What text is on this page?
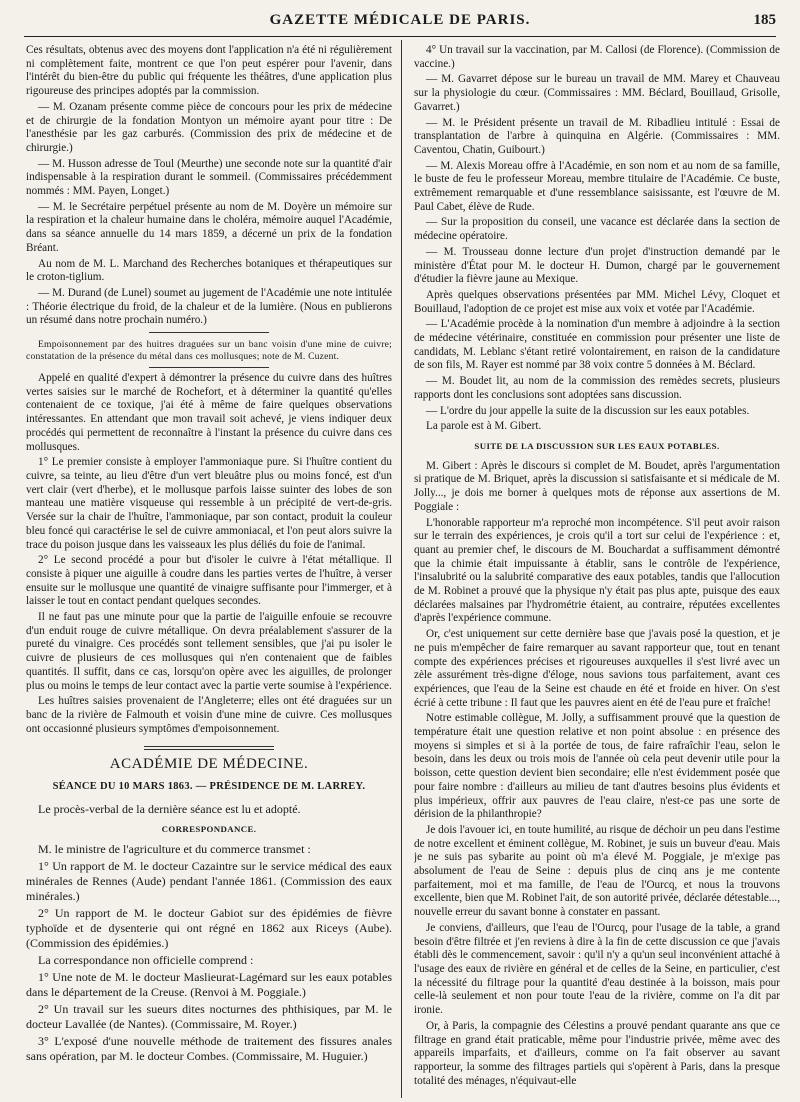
GAZETTE MÉDICALE DE PARIS.	185

Ces résultats, obtenus avec des moyens dont l'application n'a été ni régulièrement ni complètement faite, montrent ce que l'on peut espérer pour l'avenir, dans l'intérêt du bien-être du public qui fréquente les théâtres, d'une application plus rigoureuse des principes adoptés par la commission.

— M. Ozanam présente comme pièce de concours pour les prix de médecine et de chirurgie de la fondation Montyon un mémoire ayant pour titre : De l'anesthésie par les gaz carburés. (Commission des prix de médecine et de chirurgie.)

— M. Husson adresse de Toul (Meurthe) une seconde note sur la quantité d'air indispensable à la respiration durant le sommeil. (Commissaires précédemment nommés : MM. Payen, Longet.)

— M. le Secrétaire perpétuel présente au nom de M. Doyère un mémoire sur la respiration et la chaleur humaine dans le choléra, mémoire auquel l'Académie, dans sa séance annuelle du 14 mars 1859, a décerné un prix de la fondation Bréant.

Au nom de M. L. Marchand des Recherches botaniques et thérapeutiques sur le croton-tiglium.

— M. Durand (de Lunel) soumet au jugement de l'Académie une note intitulée : Théorie électrique du froid, de la chaleur et de la lumière. (Nous en publierons un résumé dans notre prochain numéro.)

Empoisonnement par des huitres draguées sur un banc voisin d'une mine de cuivre; constatation de la présence du métal dans ces mollusques; note de M. Cuzent.

Appelé en qualité d'expert à démontrer la présence du cuivre dans des huîtres vertes saisies sur le marché de Rochefort, et à déterminer la quantité qu'elles contenaient de ce toxique, j'ai été à même de faire quelques observations intéressantes. En attendant que mon travail soit achevé, je viens indiquer deux procédés qui permettent de reconnaître à l'instant la présence du cuivre dans ces mollusques.

1° Le premier consiste à employer l'ammoniaque pure. Si l'huître contient du cuivre, sa teinte, au lieu d'être d'un vert bleuâtre plus ou moins foncé, est d'un vert clair (vert d'herbe), et le mollusque parfois laisse suinter des lobes de son manteau une matière visqueuse qui ressemble à un précipité de vert-de-gris. Versée sur la chair de l'huître, l'ammoniaque, par son contact, produit la couleur bleu foncé qui caractérise le sel de cuivre ammoniacal, et l'on peut alors suivre la trace du poison jusque dans les vaisseaux les plus déliés du foie de l'animal.

2° Le second procédé a pour but d'isoler le cuivre à l'état métallique. Il consiste à piquer une aiguille à coudre dans les parties vertes de l'huître, à verser ensuite sur le mollusque une quantité de vinaigre suffisante pour l'immerger, et à laisser le tout en contact pendant quelques secondes.

Il ne faut pas une minute pour que la partie de l'aiguille enfouie se recouvre d'un enduit rouge de cuivre métallique. On devra préalablement s'assurer de la pureté du vinaigre. Ces procédés sont tellement sensibles, que j'ai pu isoler le cuivre de plusieurs de ces mollusques qui n'en contenaient que de faibles quantités. Il suffit, dans ce cas, lorsqu'on opère avec les aiguilles, de prolonger plus ou moins le temps de leur contact avec la partie verte soumise à l'expérience.

Les huîtres saisies provenaient de l'Angleterre; elles ont été draguées sur un banc de la rivière de Falmouth et voisin d'une mine de cuivre. Ces mollusques ont occasionné plusieurs symptômes d'empoisonnement.

ACADÉMIE DE MÉDECINE.
SÉANCE DU 10 MARS 1863. — PRÉSIDENCE DE M. LARREY.

Le procès-verbal de la dernière séance est lu et adopté.

CORRESPONDANCE.

M. le ministre de l'agriculture et du commerce transmet :

1° Un rapport de M. le docteur Cazaintre sur le service médical des eaux minérales de Rennes (Aude) pendant l'année 1861. (Commission des eaux minérales.)

2° Un rapport de M. le docteur Gabiot sur des épidémies de fièvre typhoïde et de dysenterie qui ont régné en 1862 aux Riceys (Aube). (Commission des épidémies.)

La correspondance non officielle comprend :

1° Une note de M. le docteur Maslieurat-Lagémard sur les eaux potables dans le département de la Creuse. (Renvoi à M. Poggiale.)

2° Un travail sur les sueurs dites nocturnes des phthisiques, par M. le docteur Lavallée (de Nantes). (Commissaire, M. Royer.)

3° L'exposé d'une nouvelle méthode de traitement des fissures anales sans opération, par M. le docteur Combes. (Commissaire, M. Huguier.)

4° Un travail sur la vaccination, par M. Callosi (de Florence). (Commission de vaccine.)

— M. Gavarret dépose sur le bureau un travail de MM. Marey et Chauveau sur la physiologie du cœur. (Commissaires : MM. Béclard, Bouillaud, Grisolle, Gavarret.)

— M. le Président présente un travail de M. Ribadlieu intitulé : Essai de transplantation de l'arbre à quinquina en Algérie. (Commissaires : MM. Caventou, Chatin, Guibourt.)

— M. Alexis Moreau offre à l'Académie, en son nom et au nom de sa famille, le buste de feu le professeur Moreau, membre titulaire de l'Académie. Ce buste, extrêmement remarquable et d'une ressemblance saisissante, est l'œuvre de M. Paul Cabet, élève de Rude.

— Sur la proposition du conseil, une vacance est déclarée dans la section de médecine opératoire.

— M. Trousseau donne lecture d'un projet d'instruction demandé par le ministère d'État pour M. le docteur H. Dumon, chargé par le gouvernement d'étudier la fièvre jaune au Mexique.

Après quelques observations présentées par MM. Michel Lévy, Cloquet et Bouillaud, l'adoption de ce projet est mise aux voix et votée par l'Académie.

— L'Académie procède à la nomination d'un membre à adjoindre à la section de médecine vétérinaire, constituée en commission pour présenter une liste de candidats, M. Leblanc s'étant retiré volontairement, en raison de la candidature de son fils, M. Rayer est nommé par 38 voix contre 5 données à M. Béclard.

— M. Boudet lit, au nom de la commission des remèdes secrets, plusieurs rapports dont les conclusions sont adoptées sans discussion.

— L'ordre du jour appelle la suite de la discussion sur les eaux potables.

La parole est à M. Gibert.

SUITE DE LA DISCUSSION SUR LES EAUX POTABLES.

M. Gibert : Après le discours si complet de M. Boudet, après l'argumentation si pratique de M. Briquet, après la discussion si satisfaisante et si médicale de M. Jolly..., je dois me borner à quelques mots de réponse aux assertions de M. Poggiale :

L'honorable rapporteur m'a reproché mon incompétence. S'il peut avoir raison sur le terrain des expériences, je crois qu'il a tort sur celui de l'expérience : et, quant au premier chef, le discours de M. Bouchardat a suffisamment démontré que la chimie était impuissante à établir, sans le contrôle de l'expérience, l'insalubrité ou la salubrité comparative des eaux potables, tandis que l'allocution de M. Robinet a prouvé que la physique n'y était pas plus apte, puisque des eaux déclarées malsaines par l'hydrométrie étaient, au contraire, réputées excellentes d'après l'expérience commune.

Or, c'est uniquement sur cette dernière base que j'avais posé la question, et je ne puis m'empêcher de faire remarquer au savant rapporteur que, tout en tenant compte des expériences précises et rigoureuses auxquelles il s'est livré avec un zèle assurément très-digne d'éloge, nous savions tous parfaitement, avant ces expériences, que l'eau de la Seine est chaude en été et froide en hiver. On s'est écrié à cette tribune : Il faut que les pauvres aient en été de l'eau pure et fraîche!

Notre estimable collègue, M. Jolly, a suffisamment prouvé que la question de température était une question relative et non point absolue : en présence des moyens si simples et si à la portée de tous, de faire rafraîchir l'eau, selon le besoin, dans les deux ou trois mois de l'année où cela peut devenir utile pour la boisson, cette question devient bien secondaire; elle n'est évidemment posée que pour faire nombre : d'ailleurs au milieu de tant d'autres besoins plus évidents et plus impérieux, offrir aux pauvres de l'eau claire, n'est-ce pas une sorte de dérision de la philanthropie?

Je dois l'avouer ici, en toute humilité, au risque de déchoir un peu dans l'estime de notre excellent et éminent collègue, M. Robinet, je suis un buveur d'eau. Mais je ne suis pas sybarite au point où m'a élevé M. Poggiale, je m'exige pas absolument de l'eau de Seine : depuis plus de cinq ans je me contente parfaitement, moi et ma famille, de l'eau de l'Ourcq, et nous la trouvons excellente, bien que M. Robinet l'ait, de son autorité privée, déclarée détestable..., nouvelle erreur du savant bonne à constater en passant.

Je conviens, d'ailleurs, que l'eau de l'Ourcq, pour l'usage de la table, a grand besoin d'être filtrée et j'en reviens à dire à la fin de cette discussion ce que j'avais établi dès le commencement, savoir : qu'il n'y a qu'un seul inconvénient attaché à l'usage des eaux de rivière en général et de celles de la Seine, en particulier, c'est la nécessité du filtrage pour la quantité d'eau destinée à la boisson, mais pour celle-là seulement et non pour toute l'eau de la rivière, comme on l'a dit par ironie.

Or, à Paris, la compagnie des Célestins a prouvé pendant quarante ans que ce filtrage en grand était praticable, même pour l'industrie privée, même avec des appareils imparfaits, et d'ailleurs, comme on l'a fait observer au savant rapporteur, la somme des filtrages partiels qui s'opèrent à Paris, dans la presque totalité des ménages, n'équivaut-elle
